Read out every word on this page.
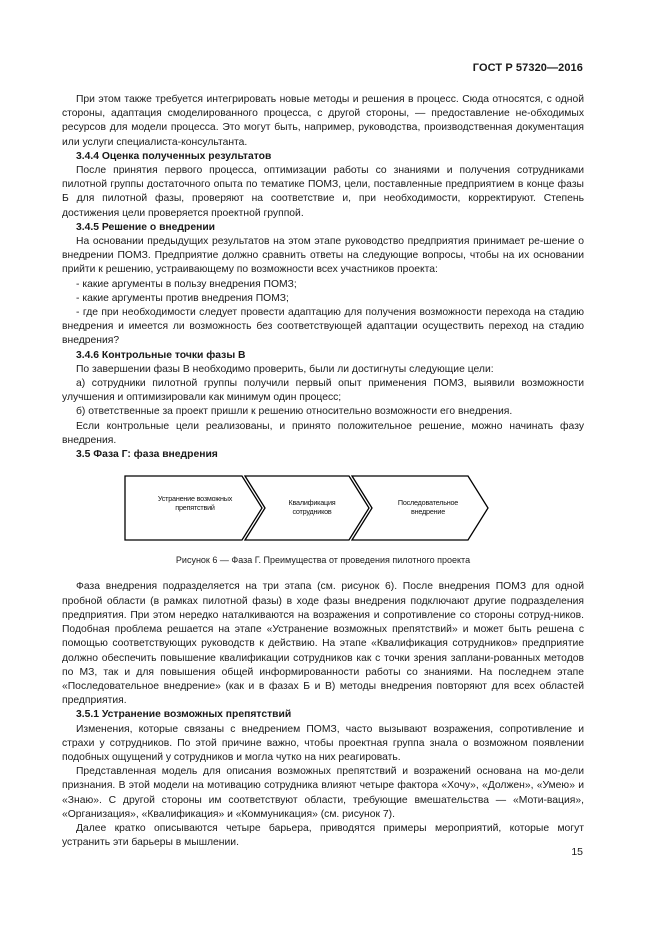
ГОСТ Р 57320—2016

При этом также требуется интегрировать новые методы и решения в процесс. Сюда относятся, с одной стороны, адаптация смоделированного процесса, с другой стороны, — предоставление не-обходимых ресурсов для модели процесса. Это могут быть, например, руководства, производственная документация или услуги специалиста-консультанта.

3.4.4 Оценка полученных результатов

После принятия первого процесса, оптимизации работы со знаниями и получения сотрудниками пилотной группы достаточного опыта по тематике ПОМЗ, цели, поставленные предприятием в конце фазы Б для пилотной фазы, проверяют на соответствие и, при необходимости, корректируют. Степень достижения цели проверяется проектной группой.

3.4.5 Решение о внедрении

На основании предыдущих результатов на этом этапе руководство предприятия принимает ре-шение о внедрении ПОМЗ. Предприятие должно сравнить ответы на следующие вопросы, чтобы на их основании прийти к решению, устраивающему по возможности всех участников проекта:

- какие аргументы в пользу внедрения ПОМЗ;

- какие аргументы против внедрения ПОМЗ;

- где при необходимости следует провести адаптацию для получения возможности перехода на стадию внедрения и имеется ли возможность без соответствующей адаптации осуществить переход на стадию внедрения?

3.4.6 Контрольные точки фазы В

По завершении фазы В необходимо проверить, были ли достигнуты следующие цели:

а) сотрудники пилотной группы получили первый опыт применения ПОМЗ, выявили возможности улучшения и оптимизировали как минимум один процесс;

б) ответственные за проект пришли к решению относительно возможности его внедрения.

Если контрольные цели реализованы, и принято положительное решение, можно начинать фазу внедрения.

3.5 Фаза Г: фаза внедрения

Устранение возможных препятствий	Квалификация сотрудников
Последовательное внедрение

Рисунок 6 — Фаза Г. Преимущества от проведения пилотного проекта

Фаза внедрения подразделяется на три этапа (см. рисунок 6). После внедрения ПОМЗ для одной пробной области (в рамках пилотной фазы) в ходе фазы внедрения подключают другие подразделения предприятия. При этом нередко наталкиваются на возражения и сопротивление со стороны сотруд-ников. Подобная проблема решается на этапе «Устранение возможных препятствий» и может быть решена с помощью соответствующих руководств к действию. На этапе «Квалификация сотрудников» предприятие должно обеспечить повышение квалификации сотрудников как с точки зрения заплани-рованных методов по МЗ, так и для повышения общей информированности работы со знаниями. На последнем этапе «Последовательное внедрение» (как и в фазах Б и В) методы внедрения повторяют для всех областей предприятия.

3.5.1 Устранение возможных препятствий

Изменения, которые связаны с внедрением ПОМЗ, часто вызывают возражения, сопротивление и страхи у сотрудников. По этой причине важно, чтобы проектная группа знала о возможном появлении подобных ощущений у сотрудников и могла чутко на них реагировать.

Представленная модель для описания возможных препятствий и возражений основана на мо-дели признания. В этой модели на мотивацию сотрудника влияют четыре фактора «Хочу», «Должен», «Умею» и «Знаю». С другой стороны им соответствуют области, требующие вмешательства — «Моти-вация», «Организация», «Квалификация» и «Коммуникация» (см. рисунок 7).

Далее кратко описываются четыре барьера, приводятся примеры мероприятий, которые могут устранить эти барьеры в мышлении.

15
